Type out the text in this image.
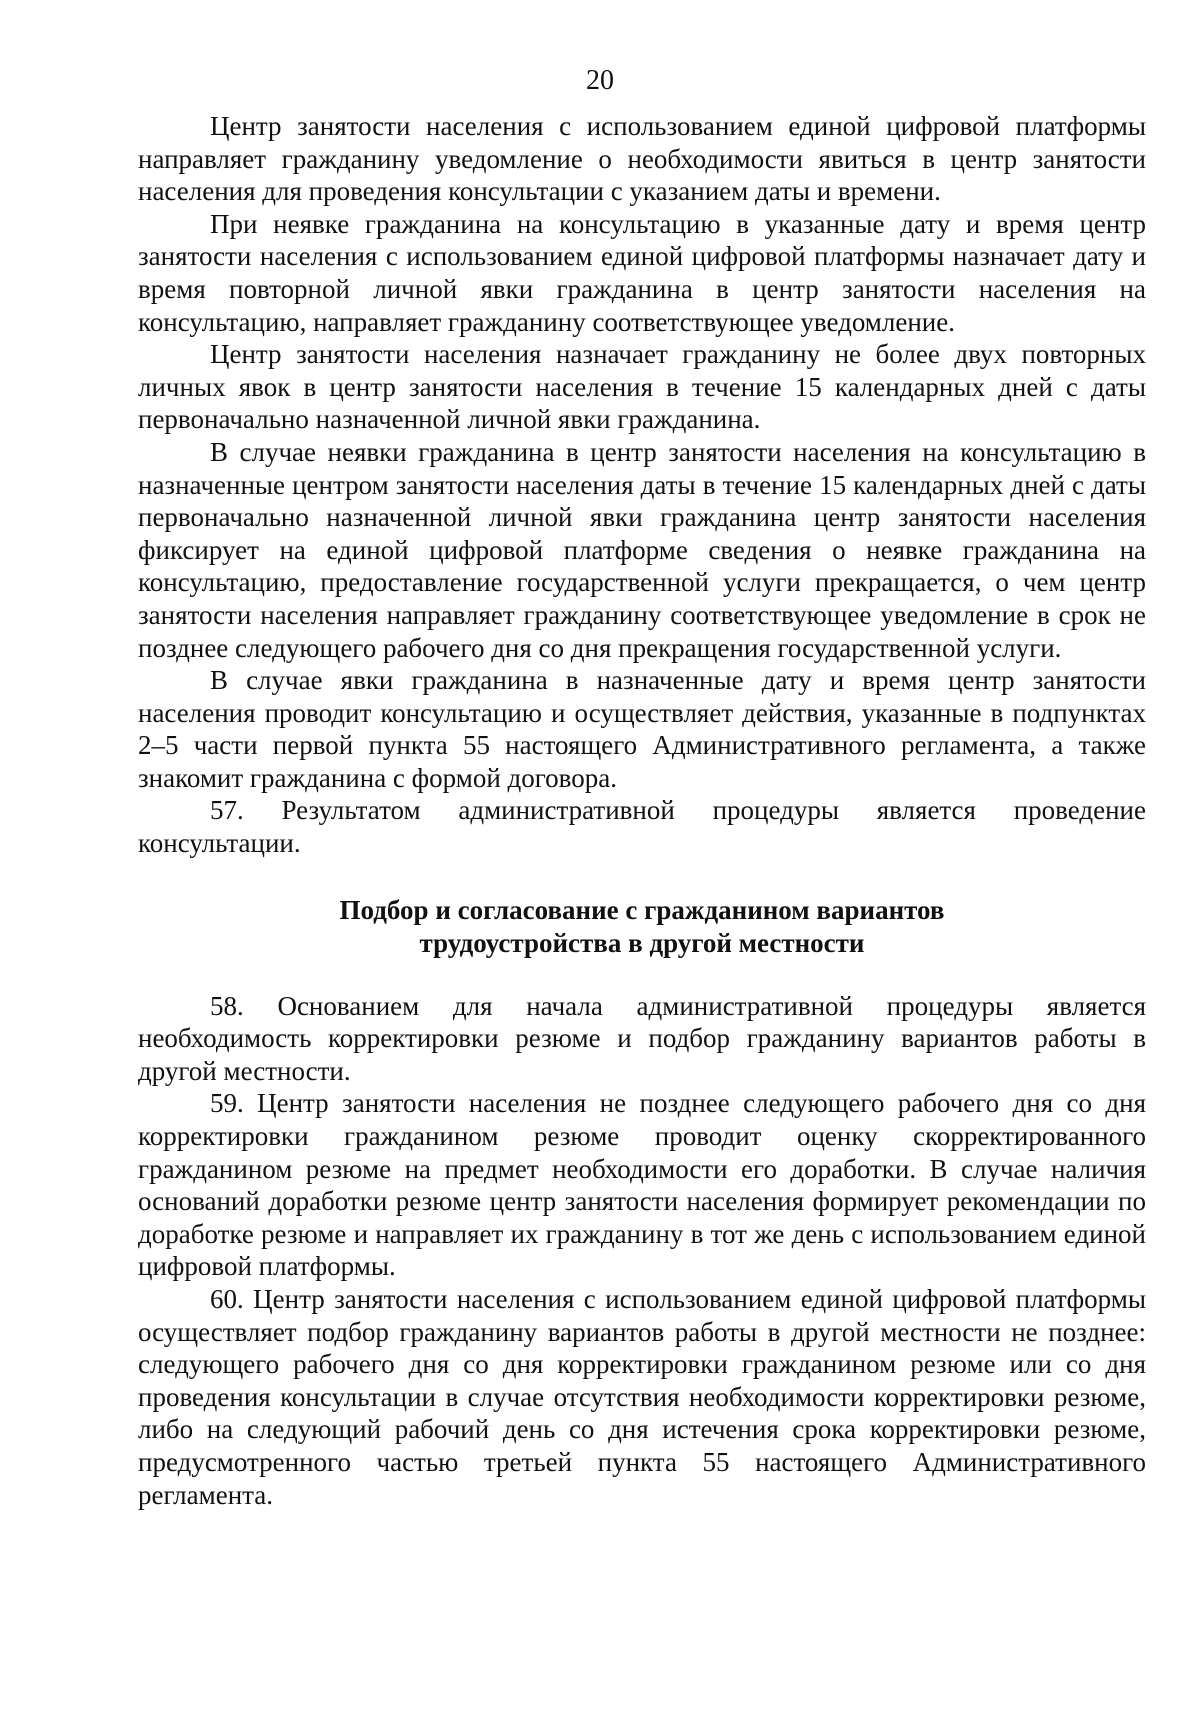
20

Центр занятости населения с использованием единой цифровой платформы направляет гражданину уведомление о необходимости явиться в центр занятости населения для проведения консультации с указанием даты и времени.

При неявке гражданина на консультацию в указанные дату и время центр занятости населения с использованием единой цифровой платформы назначает дату и время повторной личной явки гражданина в центр занятости населения на консультацию, направляет гражданину соответствующее уведомление.

Центр занятости населения назначает гражданину не более двух повторных личных явок в центр занятости населения в течение 15 календарных дней с даты первоначально назначенной личной явки гражданина.

В случае неявки гражданина в центр занятости населения на консультацию в назначенные центром занятости населения даты в течение 15 календарных дней с даты первоначально назначенной личной явки гражданина центр занятости населения фиксирует на единой цифровой платформе сведения о неявке гражданина на консультацию, предоставление государственной услуги прекращается, о чем центр занятости населения направляет гражданину соответствующее уведомление в срок не позднее следующего рабочего дня со дня прекращения государственной услуги.

В случае явки гражданина в назначенные дату и время центр занятости населения проводит консультацию и осуществляет действия, указанные в подпунктах 2–5 части первой пункта 55 настоящего Административного регламента, а также знакомит гражданина с формой договора.

57. Результатом административной процедуры является проведение консультации.

Подбор и согласование с гражданином вариантов
трудоустройства в другой местности

58. Основанием для начала административной процедуры является необходимость корректировки резюме и подбор гражданину вариантов работы в другой местности.

59. Центр занятости населения не позднее следующего рабочего дня со дня корректировки гражданином резюме проводит оценку скорректированного гражданином резюме на предмет необходимости его доработки. В случае наличия оснований доработки резюме центр занятости населения формирует рекомендации по доработке резюме и направляет их гражданину в тот же день с использованием единой цифровой платформы.

60. Центр занятости населения с использованием единой цифровой платформы осуществляет подбор гражданину вариантов работы в другой местности не позднее: следующего рабочего дня со дня корректировки гражданином резюме или со дня проведения консультации в случае отсутствия необходимости корректировки резюме, либо на следующий рабочий день со дня истечения срока корректировки резюме, предусмотренного частью третьей пункта 55 настоящего Административного регламента.
